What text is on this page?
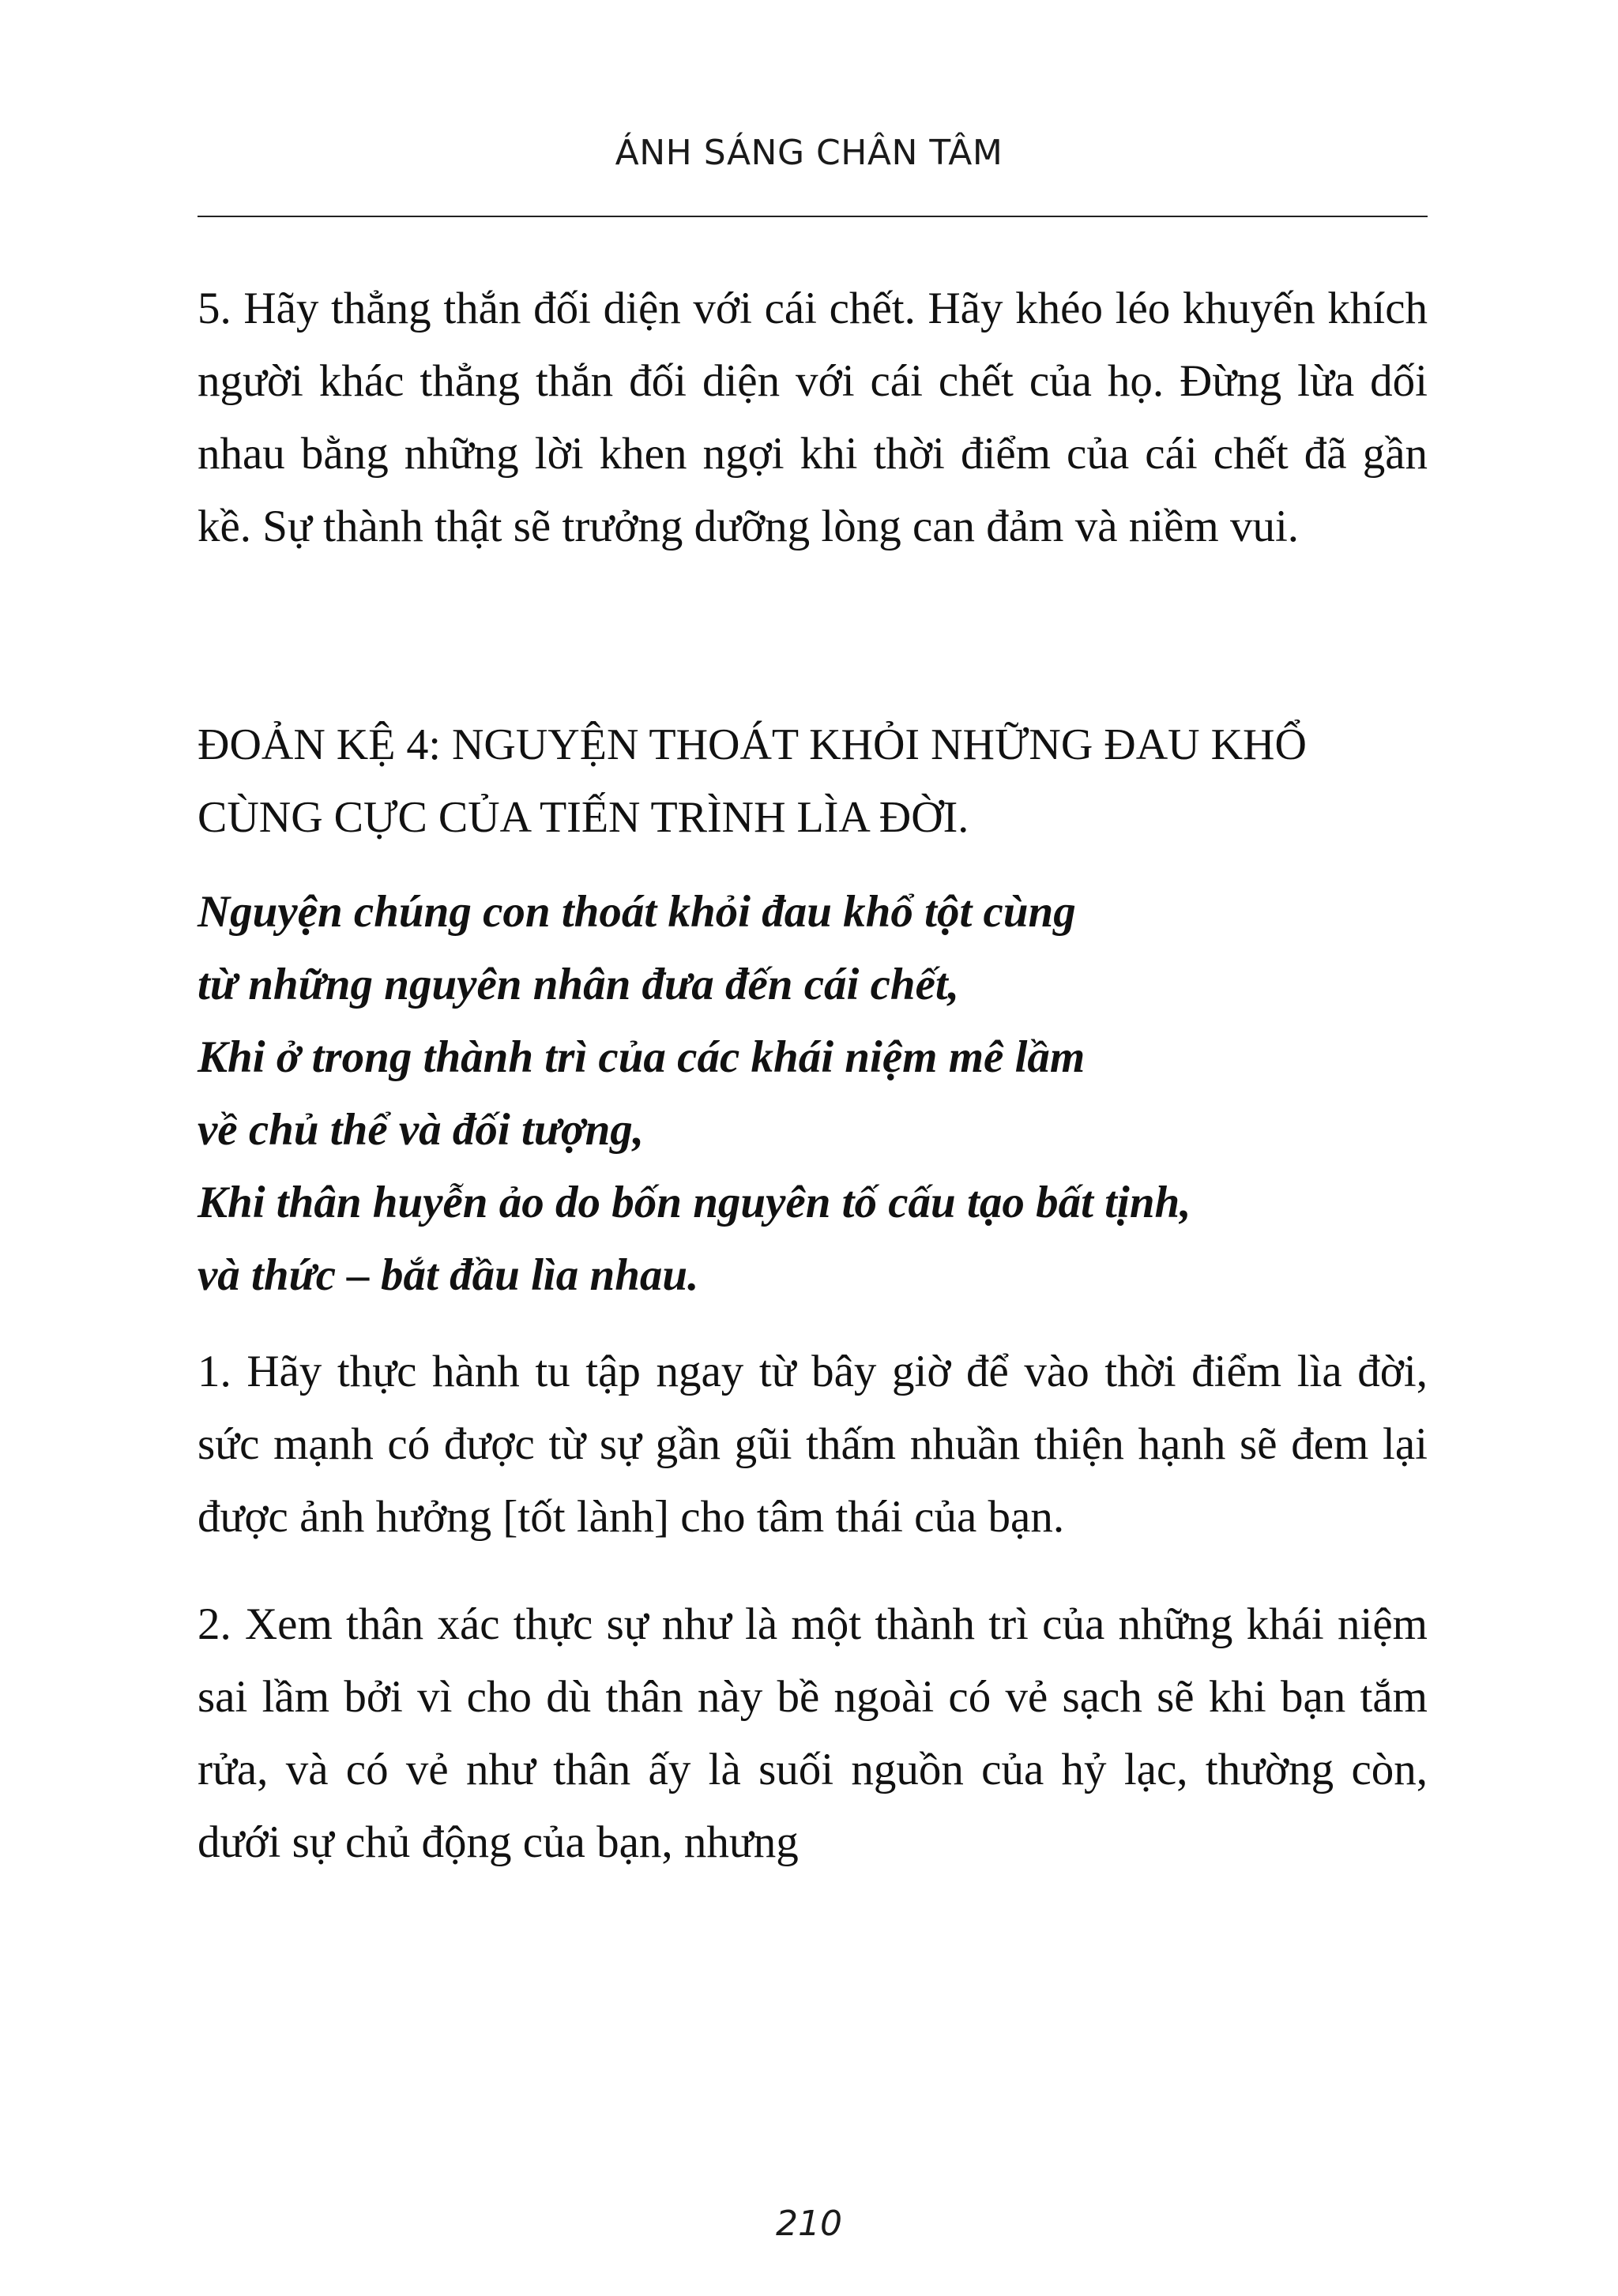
ÁNH SÁNG CHÂN TÂM

5. Hãy thẳng thắn đối diện với cái chết. Hãy khéo léo khuyến khích người khác thẳng thắn đối diện với cái chết của họ. Đừng lừa dối nhau bằng những lời khen ngợi khi thời điểm của cái chết đã gần kề. Sự thành thật sẽ trưởng dưỡng lòng can đảm và niềm vui.

ĐOẢN KỆ 4: NGUYỆN THOÁT KHỎI NHỮNG ĐAU KHỔ CÙNG CỰC CỦA TIẾN TRÌNH LÌA ĐỜI.

Nguyện chúng con thoát khỏi đau khổ tột cùng
từ những nguyên nhân đưa đến cái chết,
Khi ở trong thành trì của các khái niệm mê lầm
về chủ thể và đối tượng,
Khi thân huyễn ảo do bốn nguyên tố cấu tạo bất tịnh,
và thức – bắt đầu lìa nhau.

1. Hãy thực hành tu tập ngay từ bây giờ để vào thời điểm lìa đời, sức mạnh có được từ sự gần gũi thấm nhuần thiện hạnh sẽ đem lại được ảnh hưởng [tốt lành] cho tâm thái của bạn.

2. Xem thân xác thực sự như là một thành trì của những khái niệm sai lầm bởi vì cho dù thân này bề ngoài có vẻ sạch sẽ khi bạn tắm rửa, và có vẻ như thân ấy là suối nguồn của hỷ lạc, thường còn, dưới sự chủ động của bạn, nhưng

210
